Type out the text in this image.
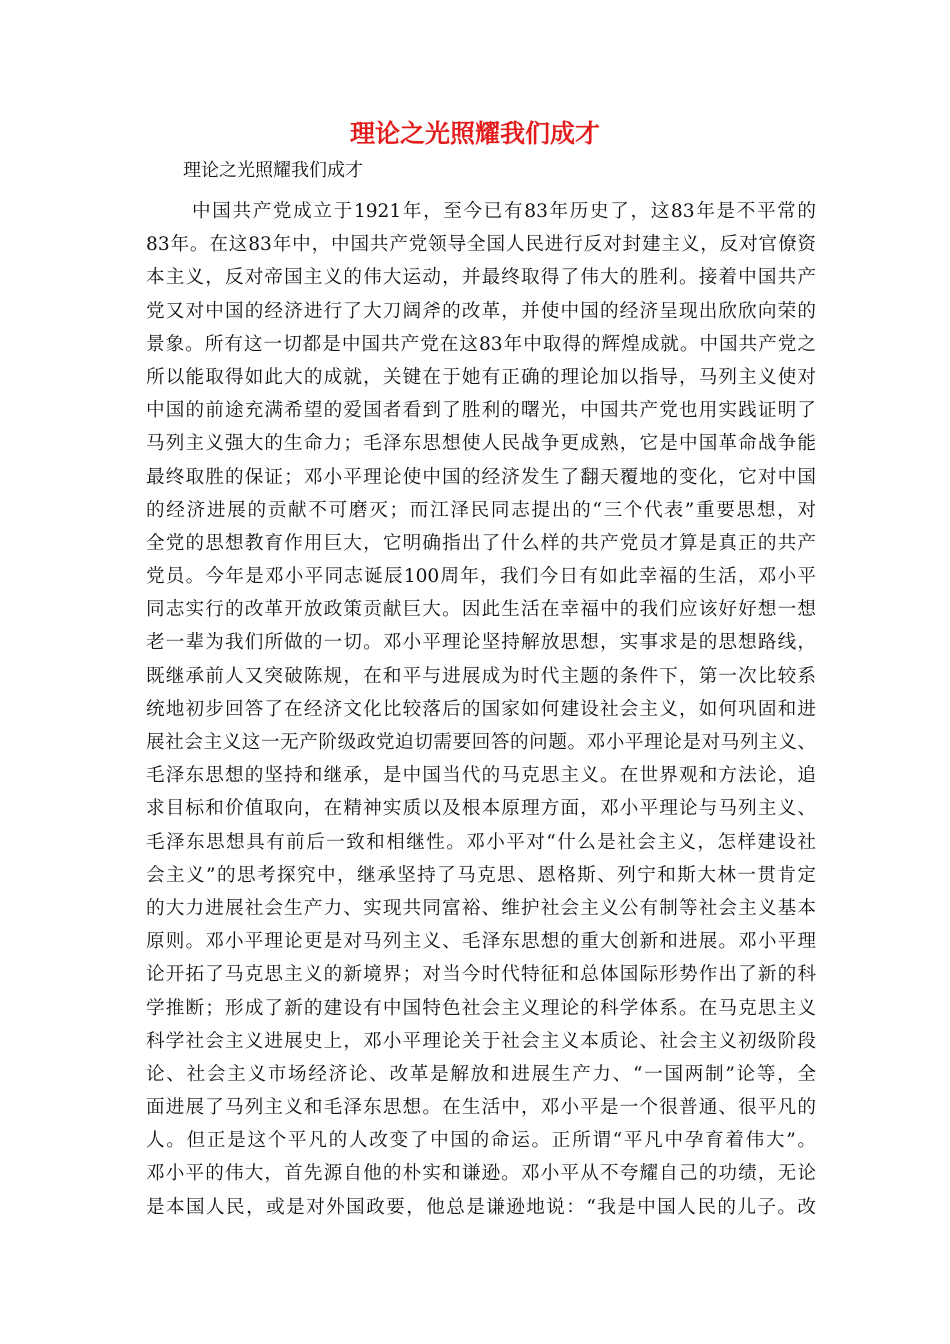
理论之光照耀我们成才

理论之光照耀我们成才

中国共产党成立于1921年，至今已有83年历史了，这83年是不平常的
83年。在这83年中，中国共产党领导全国人民进行反对封建主义，反对官僚资
本主义，反对帝国主义的伟大运动，并最终取得了伟大的胜利。接着中国共产
党又对中国的经济进行了大刀阔斧的改革，并使中国的经济呈现出欣欣向荣的
景象。所有这一切都是中国共产党在这83年中取得的辉煌成就。中国共产党之
所以能取得如此大的成就，关键在于她有正确的理论加以指导，马列主义使对
中国的前途充满希望的爱国者看到了胜利的曙光，中国共产党也用实践证明了
马列主义强大的生命力；毛泽东思想使人民战争更成熟，它是中国革命战争能
最终取胜的保证；邓小平理论使中国的经济发生了翻天覆地的变化，它对中国
的经济进展的贡献不可磨灭；而江泽民同志提出的“三个代表”重要思想，对
全党的思想教育作用巨大，它明确指出了什么样的共产党员才算是真正的共产
党员。今年是邓小平同志诞辰100周年，我们今日有如此幸福的生活，邓小平
同志实行的改革开放政策贡献巨大。因此生活在幸福中的我们应该好好想一想
老一辈为我们所做的一切。邓小平理论坚持解放思想，实事求是的思想路线，
既继承前人又突破陈规，在和平与进展成为时代主题的条件下，第一次比较系
统地初步回答了在经济文化比较落后的国家如何建设社会主义，如何巩固和进
展社会主义这一无产阶级政党迫切需要回答的问题。邓小平理论是对马列主义、
毛泽东思想的坚持和继承，是中国当代的马克思主义。在世界观和方法论，追
求目标和价值取向，在精神实质以及根本原理方面，邓小平理论与马列主义、
毛泽东思想具有前后一致和相继性。邓小平对“什么是社会主义，怎样建设社
会主义”的思考探究中，继承坚持了马克思、恩格斯、列宁和斯大林一贯肯定
的大力进展社会生产力、实现共同富裕、维护社会主义公有制等社会主义基本
原则。邓小平理论更是对马列主义、毛泽东思想的重大创新和进展。邓小平理
论开拓了马克思主义的新境界；对当今时代特征和总体国际形势作出了新的科
学推断；形成了新的建设有中国特色社会主义理论的科学体系。在马克思主义
科学社会主义进展史上，邓小平理论关于社会主义本质论、社会主义初级阶段
论、社会主义市场经济论、改革是解放和进展生产力、“一国两制”论等，全
面进展了马列主义和毛泽东思想。在生活中，邓小平是一个很普通、很平凡的
人。但正是这个平凡的人改变了中国的命运。正所谓“平凡中孕育着伟大”。
邓小平的伟大，首先源自他的朴实和谦逊。邓小平从不夸耀自己的功绩，无论
是本国人民，或是对外国政要，他总是谦逊地说：“我是中国人民的儿子。改
